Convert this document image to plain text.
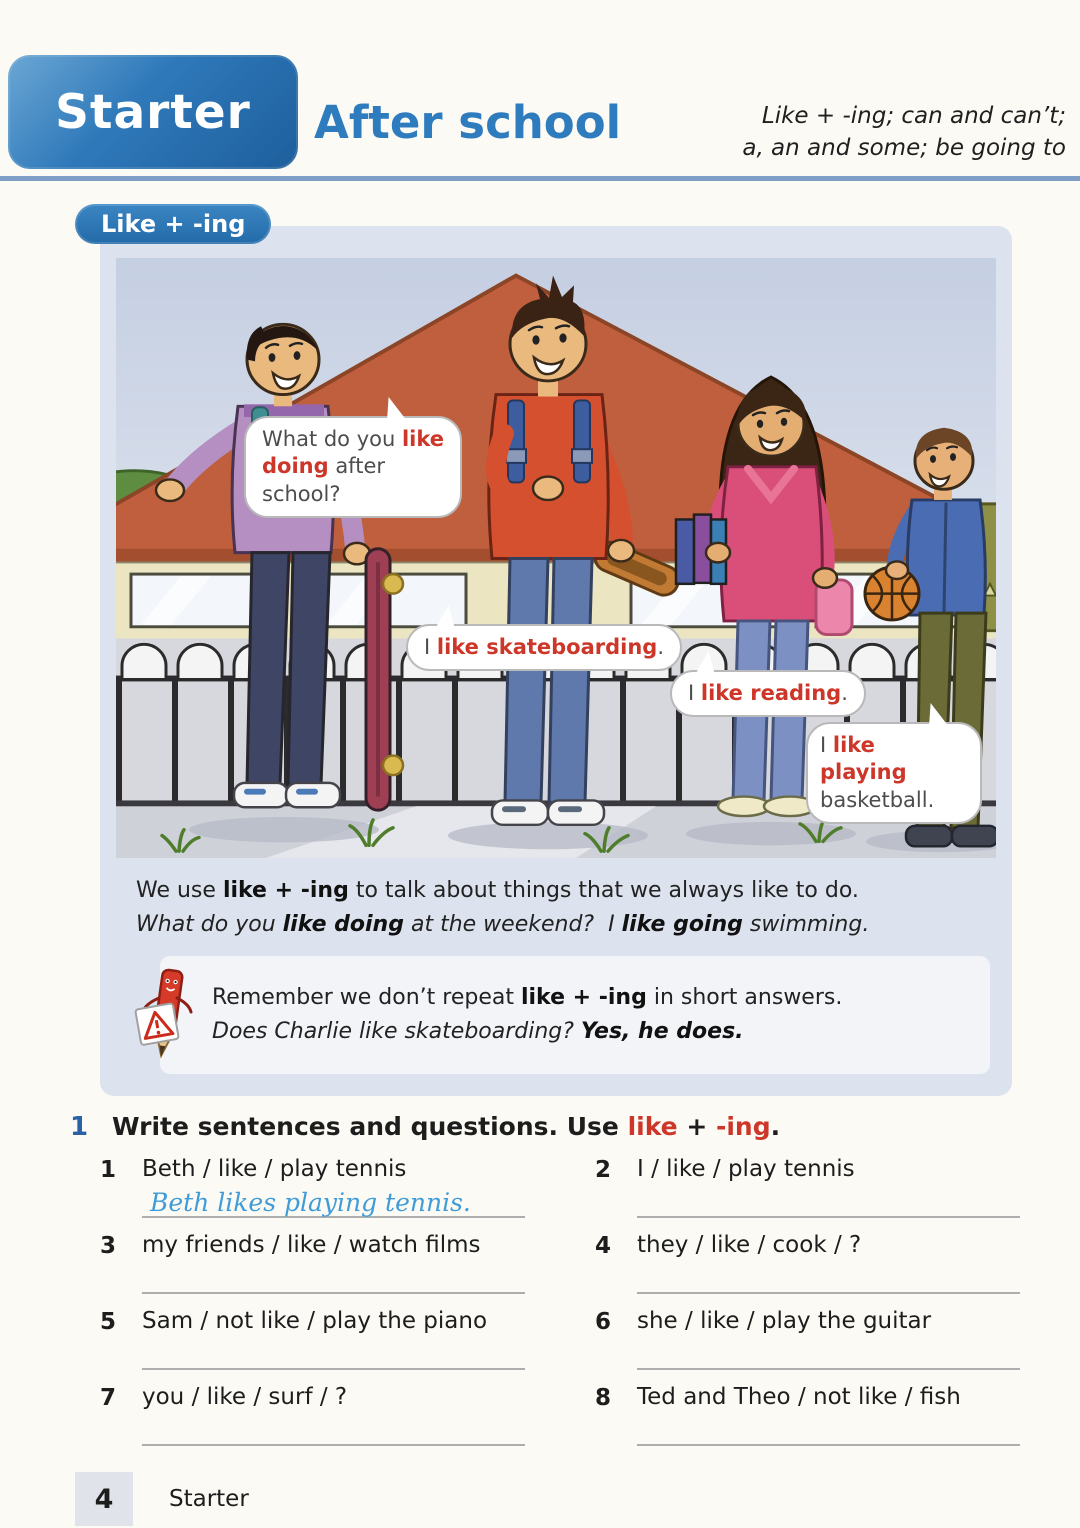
Starter After school	Like + -ing; can and can’t;
a, an and some; be going to
Like + -ing
What do you like doing after school?
I like skateboarding.
I like reading.
I like playing basketball.

We use like + -ing to talk about things that we always like to do.
What do you like doing at the weekend?  I like going swimming.

Remember we don’t repeat like + -ing in short answers.
Does Charlie like skateboarding? Yes, he does.
1 Write sentences and questions. Use like + -ing.
1	Beth / like / play tennis
Beth likes playing tennis.
2	I / like / play tennis
3	my friends / like / watch films	4	they / like / cook / ?
5	Sam / not like / play the piano	6	she / like / play the guitar
7	you / like / surf / ?	8	Ted and Theo / not like / fish
4 Starter
